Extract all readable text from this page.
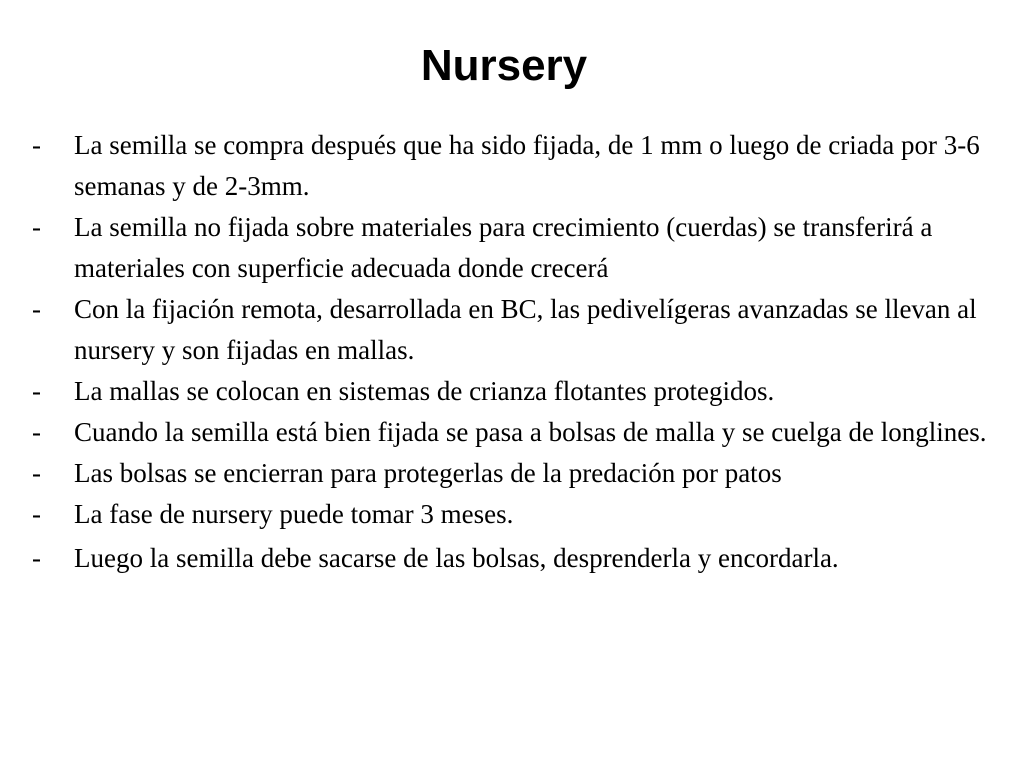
Nursery
-	La semilla se compra después que ha sido fijada, de 1 mm o luego de criada por 3-6 semanas y de 2-3mm.
-	La semilla no fijada sobre materiales para crecimiento (cuerdas) se transferirá a materiales con superficie adecuada donde crecerá
-	Con la fijación remota, desarrollada en BC, las pedivelígeras avanzadas se llevan al nursery y son fijadas en mallas.
-	La mallas se colocan en sistemas de crianza flotantes protegidos.
-	Cuando la semilla está bien fijada se pasa a bolsas de malla y se cuelga de longlines.
-	Las bolsas se encierran para protegerlas de la predación por patos
-	La fase de nursery puede tomar 3 meses.
-	Luego la semilla debe sacarse de las bolsas, desprenderla y encordarla.
